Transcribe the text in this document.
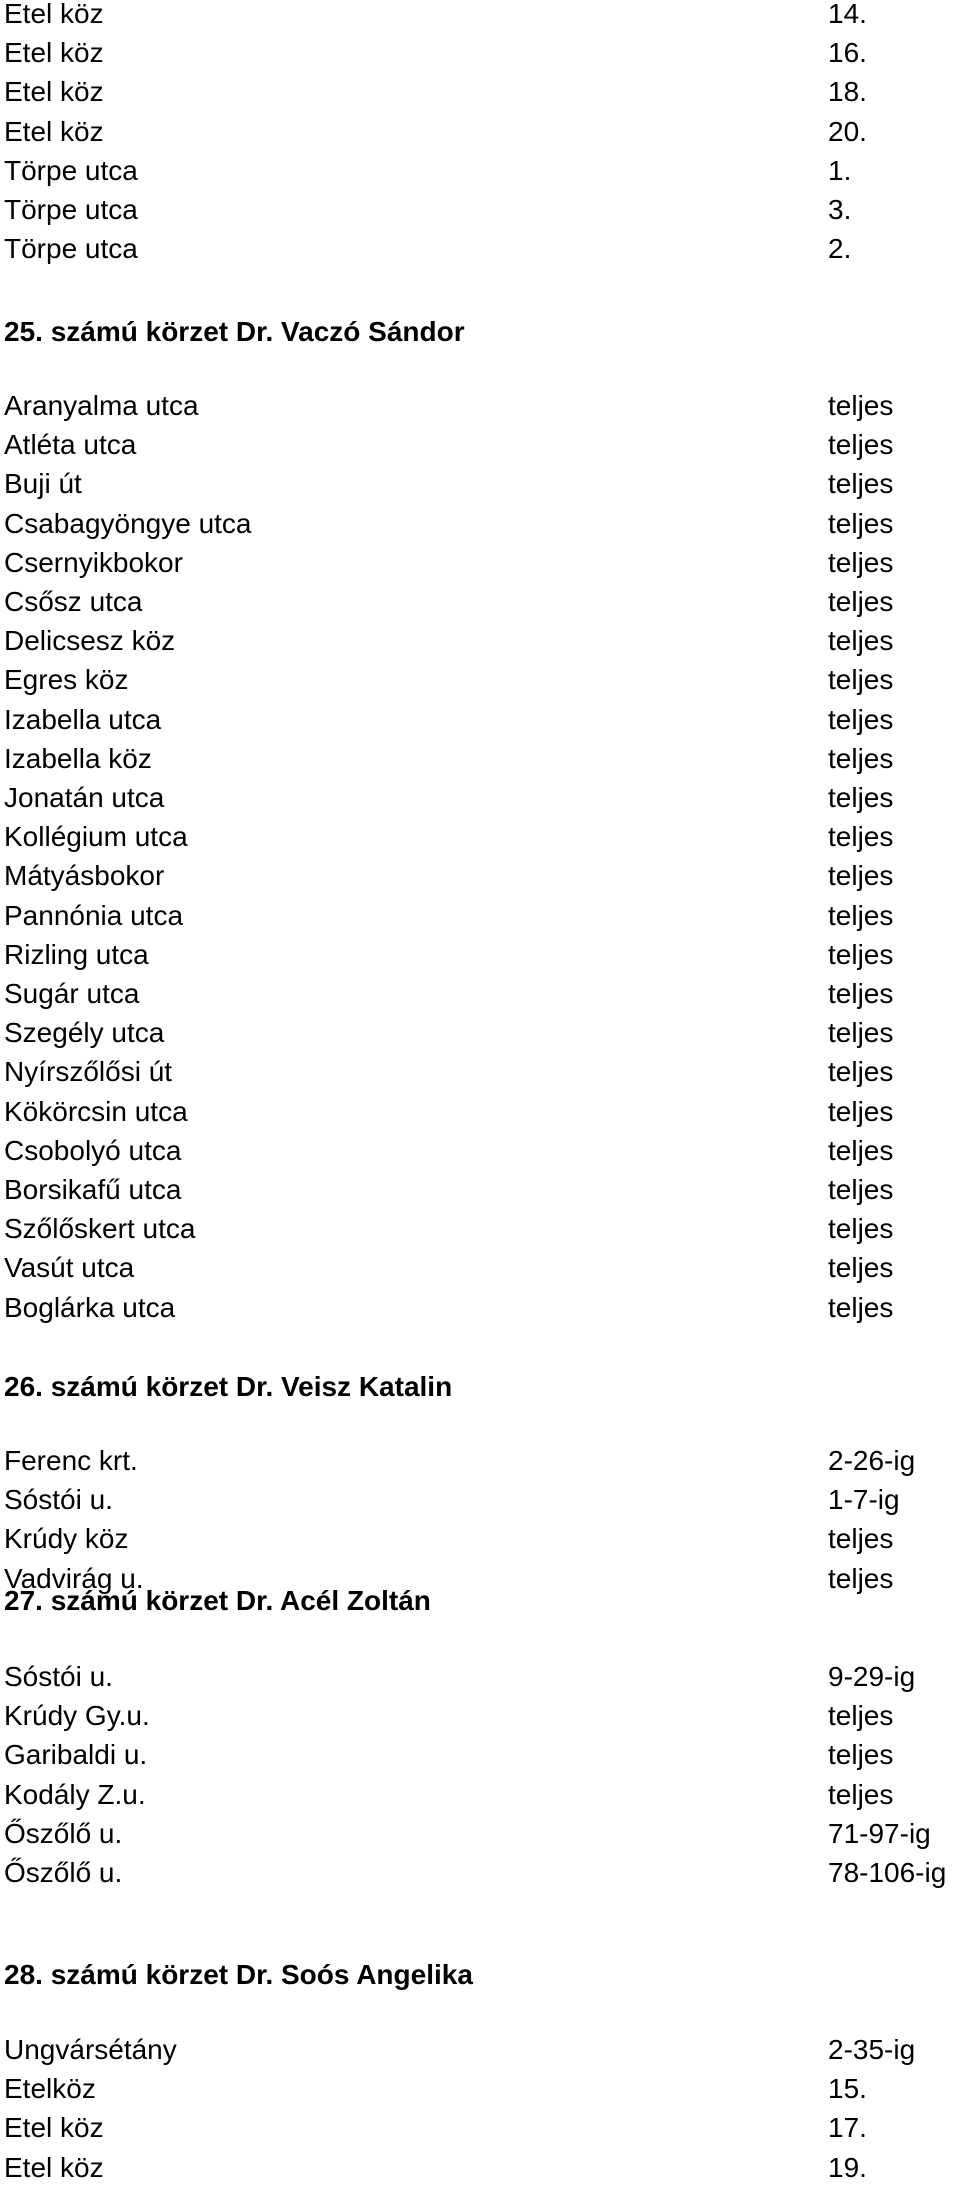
Etel köz	14.
Etel köz	16.
Etel köz	18.
Etel köz	20.
Törpe utca	1.
Törpe utca	3.
Törpe utca	2.
25. számú körzet Dr. Vaczó Sándor
Aranyalma utca	teljes
Atléta utca	teljes
Buji út	teljes
Csabagyöngye utca	teljes
Csernyikbokor	teljes
Csősz utca	teljes
Delicsesz köz	teljes
Egres köz	teljes
Izabella utca	teljes
Izabella köz	teljes
Jonatán utca	teljes
Kollégium utca	teljes
Mátyásbokor	teljes
Pannónia utca	teljes
Rizling utca	teljes
Sugár utca	teljes
Szegély utca	teljes
Nyírszőlősi út	teljes
Kökörcsin utca	teljes
Csobolyó utca	teljes
Borsikafű utca	teljes
Szőlőskert utca	teljes
Vasút utca	teljes
Boglárka utca	teljes
26. számú körzet Dr. Veisz Katalin
Ferenc krt.	2-26-ig
Sóstói u.	1-7-ig
Krúdy köz	teljes
Vadvirág u.	teljes
27. számú körzet Dr. Acél Zoltán
Sóstói u.	9-29-ig
Krúdy Gy.u.	teljes
Garibaldi u.	teljes
Kodály Z.u.	teljes
Őszőlő u.	71-97-ig
Őszőlő u.	78-106-ig
28. számú körzet Dr. Soós Angelika
Ungvársétány	2-35-ig
Etelköz	15.
Etel köz	17.
Etel köz	19.
